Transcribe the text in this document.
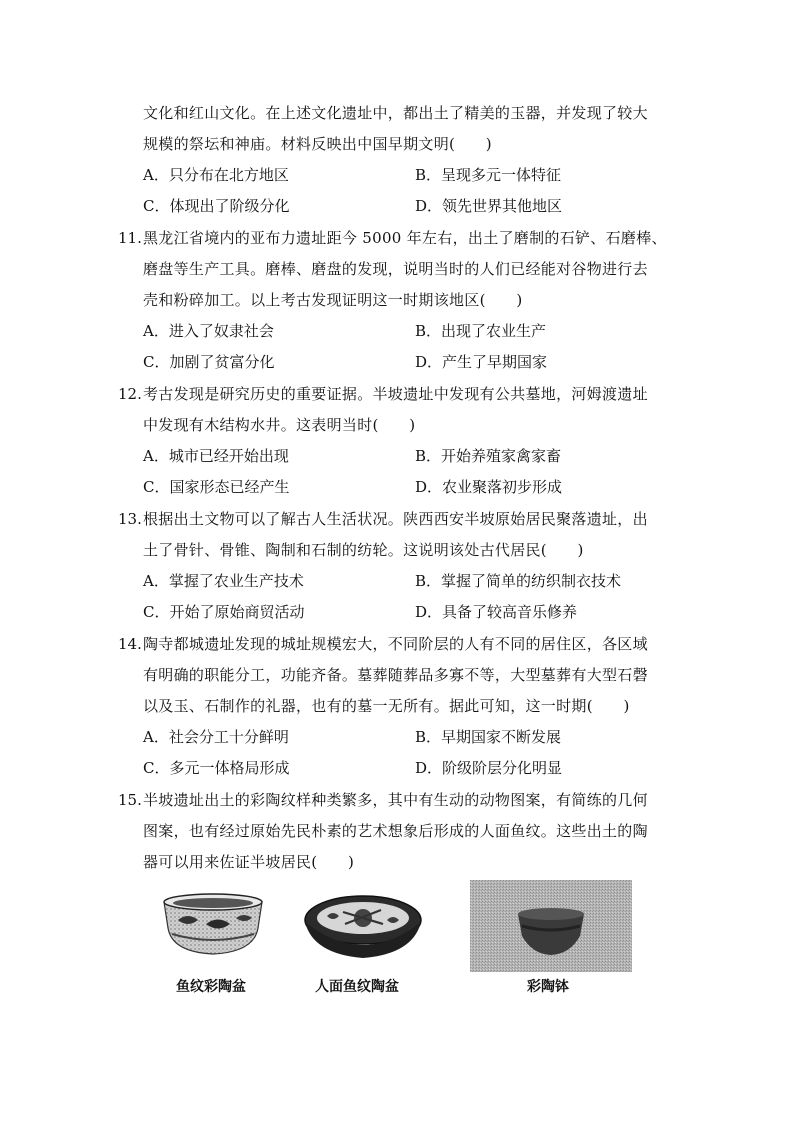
文化和红山文化。在上述文化遗址中，都出土了精美的玉器，并发现了较大
规模的祭坛和神庙。材料反映出中国早期文明(　　)
A．只分布在北方地区	B．呈现多元一体特征
C．体现出了阶级分化	D．领先世界其他地区
11. 黑龙江省境内的亚布力遗址距今 5000 年左右，出土了磨制的石铲、石磨棒、
磨盘等生产工具。磨棒、磨盘的发现，说明当时的人们已经能对谷物进行去
壳和粉碎加工。以上考古发现证明这一时期该地区(　　)
A．进入了奴隶社会	B．出现了农业生产
C．加剧了贫富分化	D．产生了早期国家
12. 考古发现是研究历史的重要证据。半坡遗址中发现有公共墓地，河姆渡遗址
中发现有木结构水井。这表明当时(　　)
A．城市已经开始出现	B．开始养殖家禽家畜
C．国家形态已经产生	D．农业聚落初步形成
13. 根据出土文物可以了解古人生活状况。陕西西安半坡原始居民聚落遗址，出
土了骨针、骨锥、陶制和石制的纺轮。这说明该处古代居民(　　)
A．掌握了农业生产技术	B．掌握了简单的纺织制衣技术
C．开始了原始商贸活动	D．具备了较高音乐修养
14. 陶寺都城遗址发现的城址规模宏大，不同阶层的人有不同的居住区，各区域
有明确的职能分工，功能齐备。墓葬随葬品多寡不等，大型墓葬有大型石磬
以及玉、石制作的礼器，也有的墓一无所有。据此可知，这一时期(　　)
A．社会分工十分鲜明	B．早期国家不断发展
C．多元一体格局形成	D．阶级阶层分化明显
15. 半坡遗址出土的彩陶纹样种类繁多，其中有生动的动物图案，有简练的几何
图案，也有经过原始先民朴素的艺术想象后形成的人面鱼纹。这些出土的陶
器可以用来佐证半坡居民(　　)
鱼纹彩陶盆	人面鱼纹陶盆	彩陶钵
